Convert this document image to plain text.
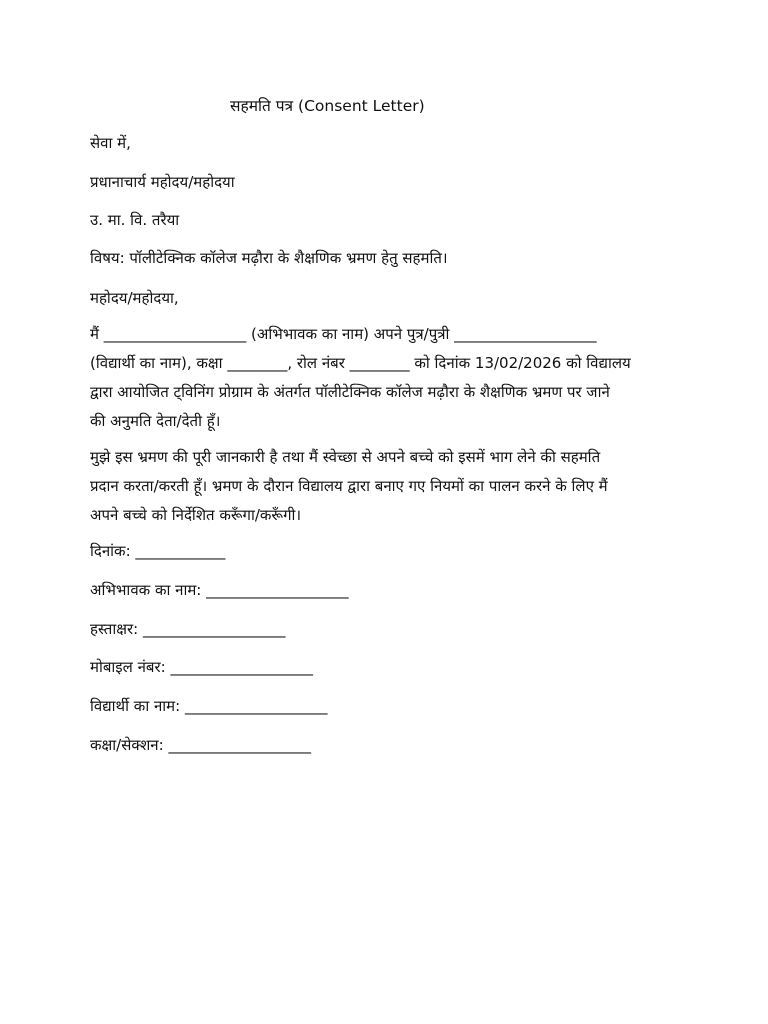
सहमति पत्र (Consent Letter)

सेवा में,

प्रधानाचार्य महोदय/महोदया

उ. मा. वि. तरैया

विषय: पॉलीटेक्निक कॉलेज मढ़ौरा के शैक्षणिक भ्रमण हेतु सहमति।

महोदय/महोदया,

मैं ___________________ (अभिभावक का नाम) अपने पुत्र/पुत्री ___________________
(विद्यार्थी का नाम), कक्षा ________, रोल नंबर ________ को दिनांक 13/02/2026 को विद्यालय
द्वारा आयोजित ट्विनिंग प्रोग्राम के अंतर्गत पॉलीटेक्निक कॉलेज मढ़ौरा के शैक्षणिक भ्रमण पर जाने
की अनुमति देता/देती हूँ।
मुझे इस भ्रमण की पूरी जानकारी है तथा मैं स्वेच्छा से अपने बच्चे को इसमें भाग लेने की सहमति
प्रदान करता/करती हूँ। भ्रमण के दौरान विद्यालय द्वारा बनाए गए नियमों का पालन करने के लिए मैं
अपने बच्चे को निर्देशित करूँगा/करूँगी।

दिनांक: ____________

अभिभावक का नाम: ___________________

हस्ताक्षर: ___________________

मोबाइल नंबर: ___________________

विद्यार्थी का नाम: ___________________

कक्षा/सेक्शन: ___________________
